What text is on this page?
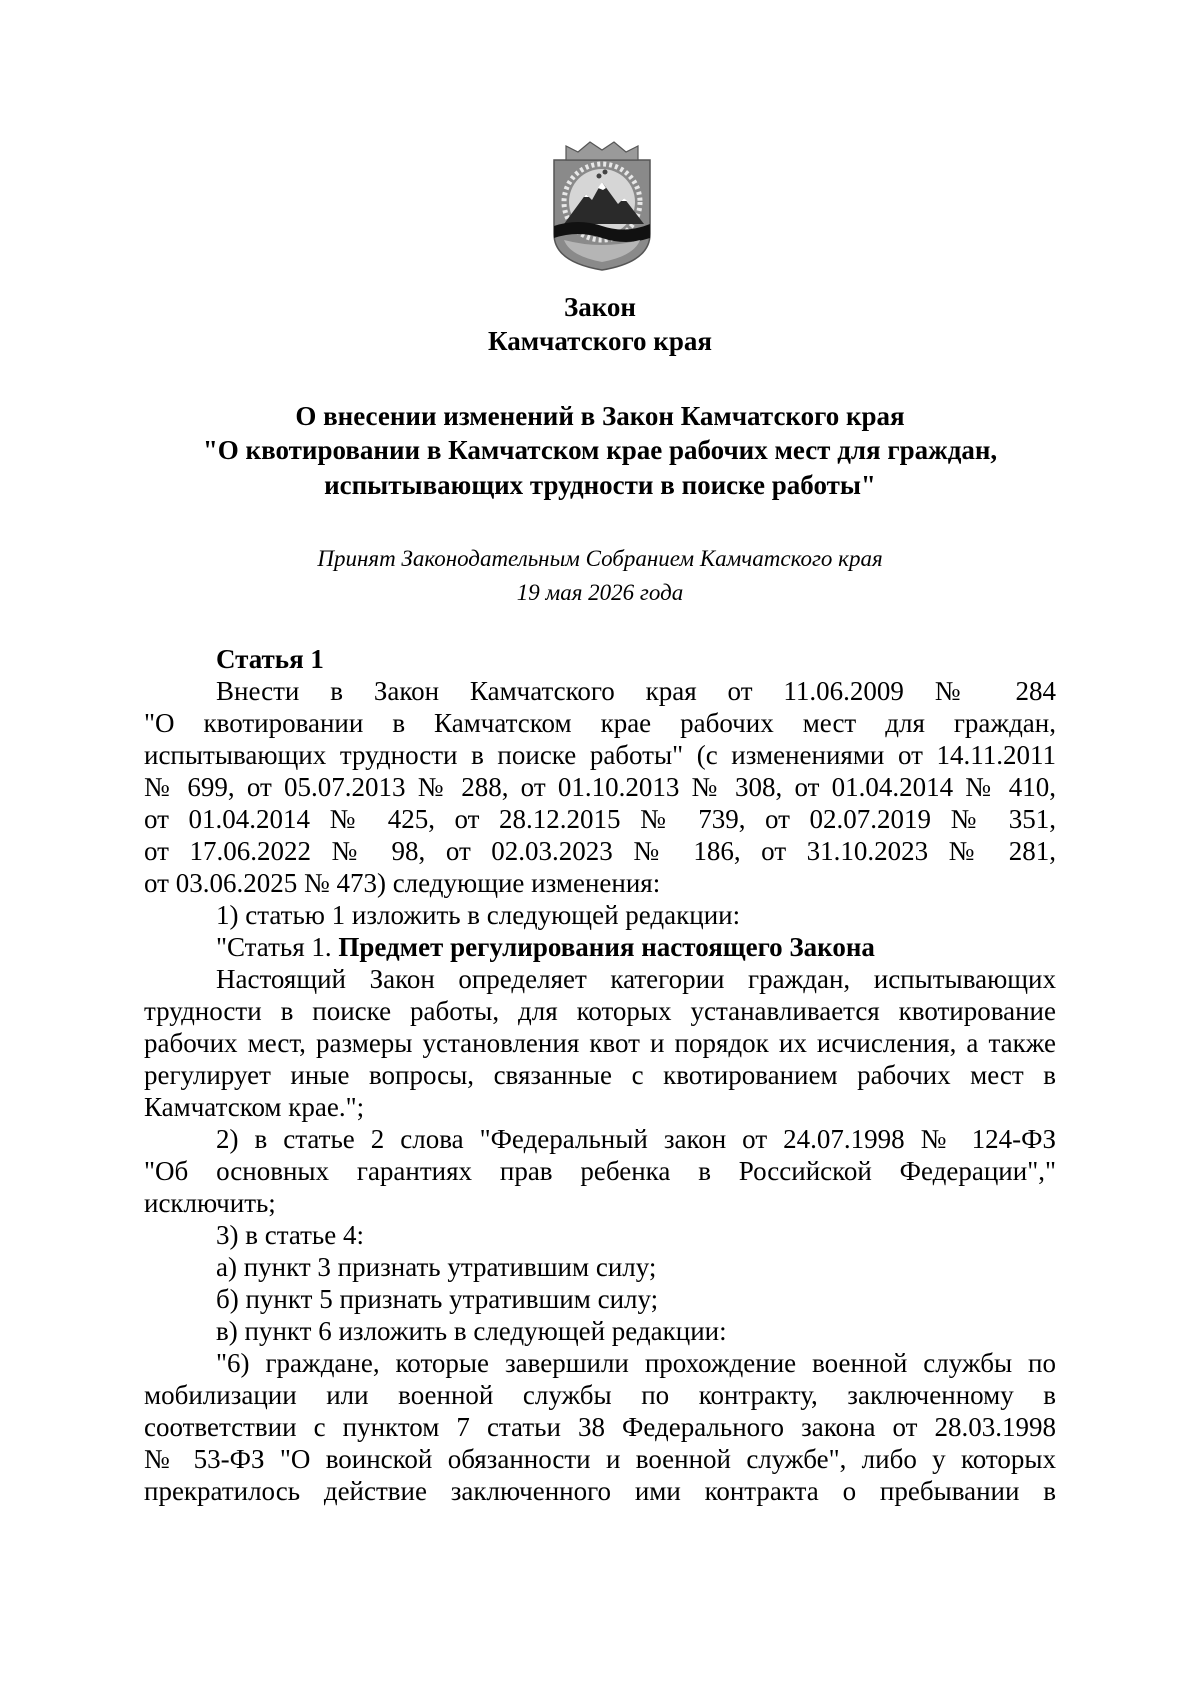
Закон
Камчатского края
О внесении изменений в Закон Камчатского края
"О квотировании в Камчатском крае рабочих мест для граждан,
испытывающих трудности в поиске работы"
Принят Законодательным Собранием Камчатского края
19 мая 2026 года
Статья 1

Внести в Закон Камчатского края от 11.06.2009 № 284

"О квотировании в Камчатском крае рабочих мест для граждан,

испытывающих трудности в поиске работы" (с изменениями от 14.11.2011

№ 699, от 05.07.2013 № 288, от 01.10.2013 № 308, от 01.04.2014 № 410,

от 01.04.2014 № 425, от 28.12.2015 № 739, от 02.07.2019 № 351,

от 17.06.2022 № 98, от 02.03.2023 № 186, от 31.10.2023 № 281,

от 03.06.2025 № 473) следующие изменения:

1) статью 1 изложить в следующей редакции:

"Статья 1. Предмет регулирования настоящего Закона

Настоящий Закон определяет категории граждан, испытывающих

трудности в поиске работы, для которых устанавливается квотирование

рабочих мест, размеры установления квот и порядок их исчисления, а также

регулирует иные вопросы, связанные с квотированием рабочих мест в

Камчатском крае.";

2) в статье 2 слова "Федеральный закон от 24.07.1998 № 124-ФЗ

"Об основных гарантиях прав ребенка в Российской Федерации","

исключить;

3) в статье 4:

а) пункт 3 признать утратившим силу;

б) пункт 5 признать утратившим силу;

в) пункт 6 изложить в следующей редакции:

"6) граждане, которые завершили прохождение военной службы по

мобилизации или военной службы по контракту, заключенному в

соответствии с пунктом 7 статьи 38 Федерального закона от 28.03.1998

№ 53-ФЗ "О воинской обязанности и военной службе", либо у которых

прекратилось действие заключенного ими контракта о пребывании в
